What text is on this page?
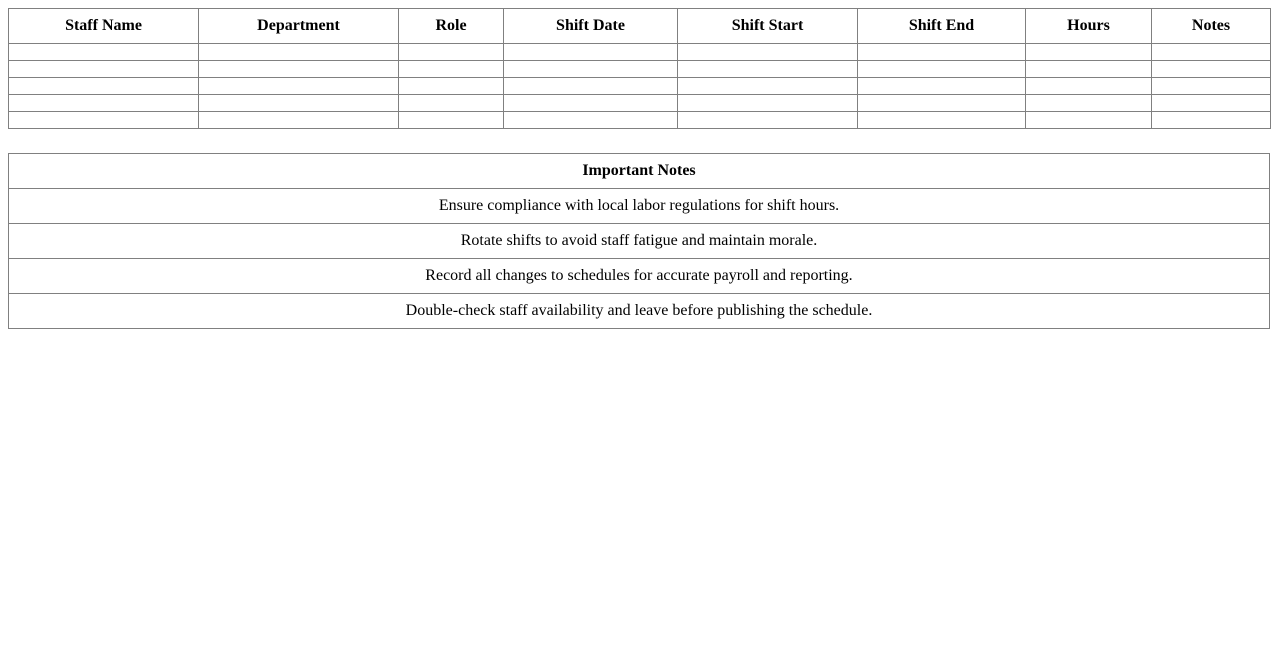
Staff Name	Department	Role	Shift Date	Shift Start	Shift End	Hours	Notes

Important Notes
Ensure compliance with local labor regulations for shift hours.
Rotate shifts to avoid staff fatigue and maintain morale.
Record all changes to schedules for accurate payroll and reporting.
Double-check staff availability and leave before publishing the schedule.
